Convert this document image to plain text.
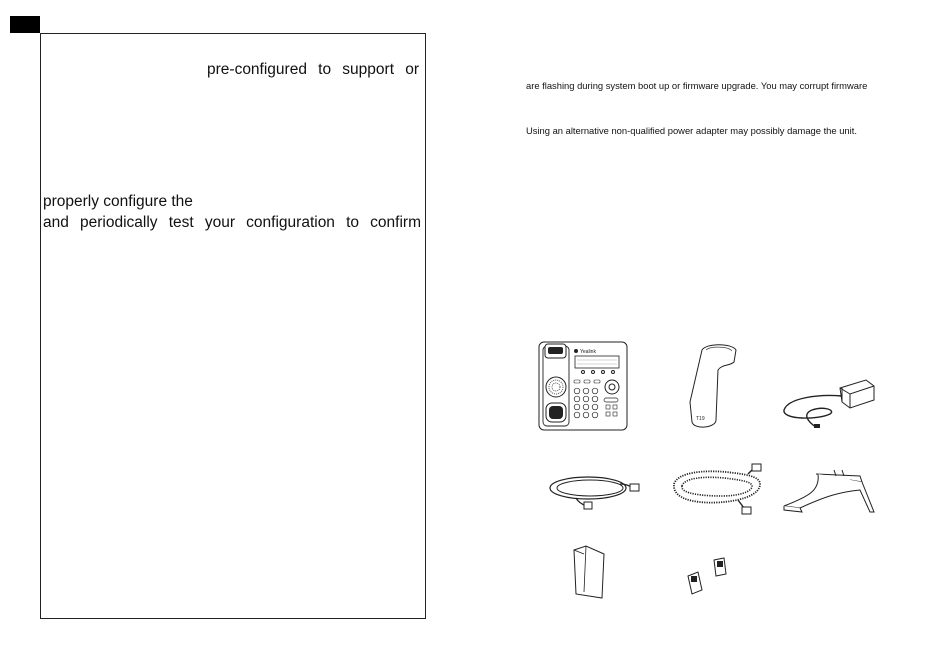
pre-configured to support or
properly configure the
and periodically test your configuration to confirm
are flashing during system boot up or firmware upgrade. You may corrupt firmware
Using an alternative non-qualified power adapter may possibly damage the unit.
Yealink
T19
